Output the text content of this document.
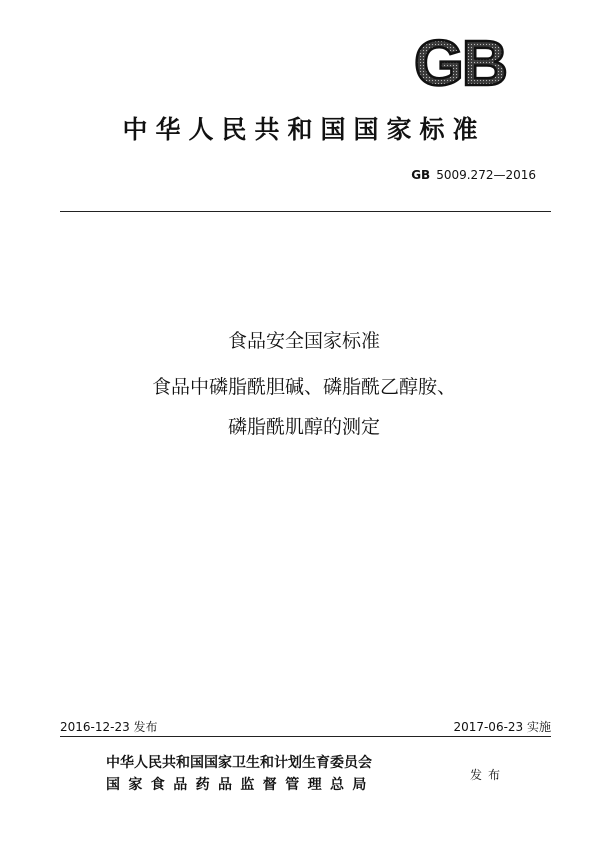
GB
中华人民共和国国家标准
GB 5009.272—2016
食品安全国家标准
食品中磷脂酰胆碱、磷脂酰乙醇胺、
磷脂酰肌醇的测定
2016-12-23 发布	2017-06-23 实施
中华人民共和国国家卫生和计划生育委员会
国家食品药品监督管理总局
发布
